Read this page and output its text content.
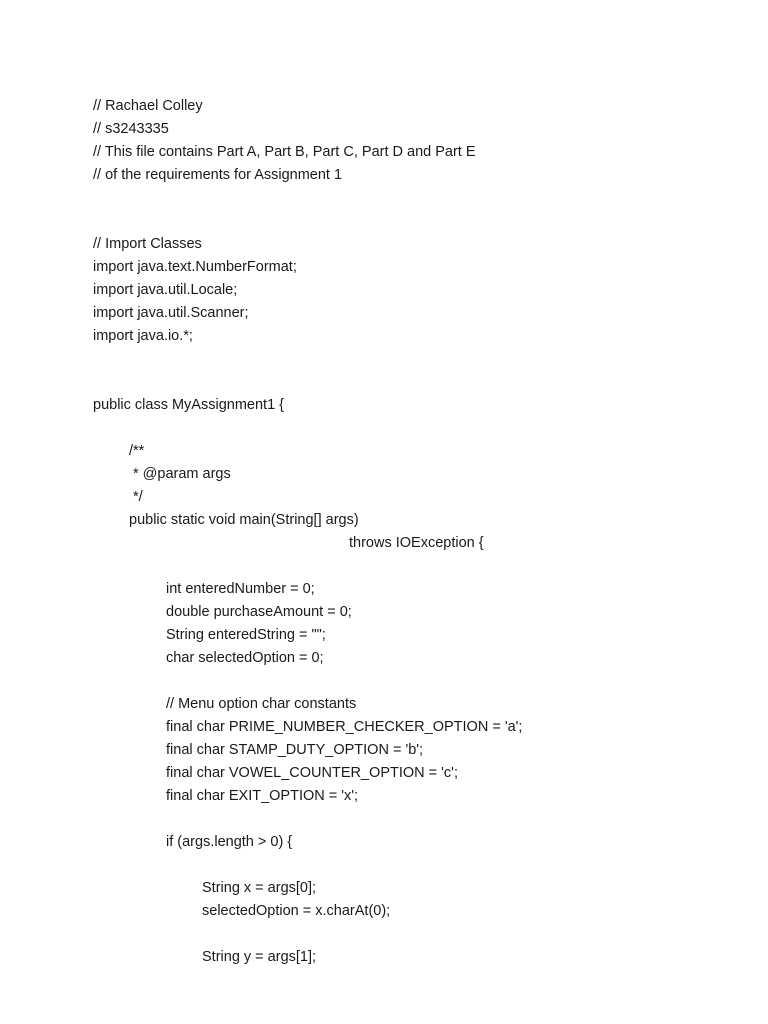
// Rachael Colley
// s3243335
// This file contains Part A, Part B, Part C, Part D and Part E
// of the requirements for Assignment 1
// Import Classes
import java.text.NumberFormat;
import java.util.Locale;
import java.util.Scanner;
import java.io.*;
public class MyAssignment1 {
/**
* @param args
*/
public static void main(String[] args)
throws IOException {
int enteredNumber = 0;
double purchaseAmount = 0;
String enteredString = "";
char selectedOption = 0;
// Menu option char constants
final char PRIME_NUMBER_CHECKER_OPTION = 'a';
final char STAMP_DUTY_OPTION = 'b';
final char VOWEL_COUNTER_OPTION = 'c';
final char EXIT_OPTION = 'x';
if (args.length > 0) {
String x = args[0];
selectedOption = x.charAt(0);
String y = args[1];
